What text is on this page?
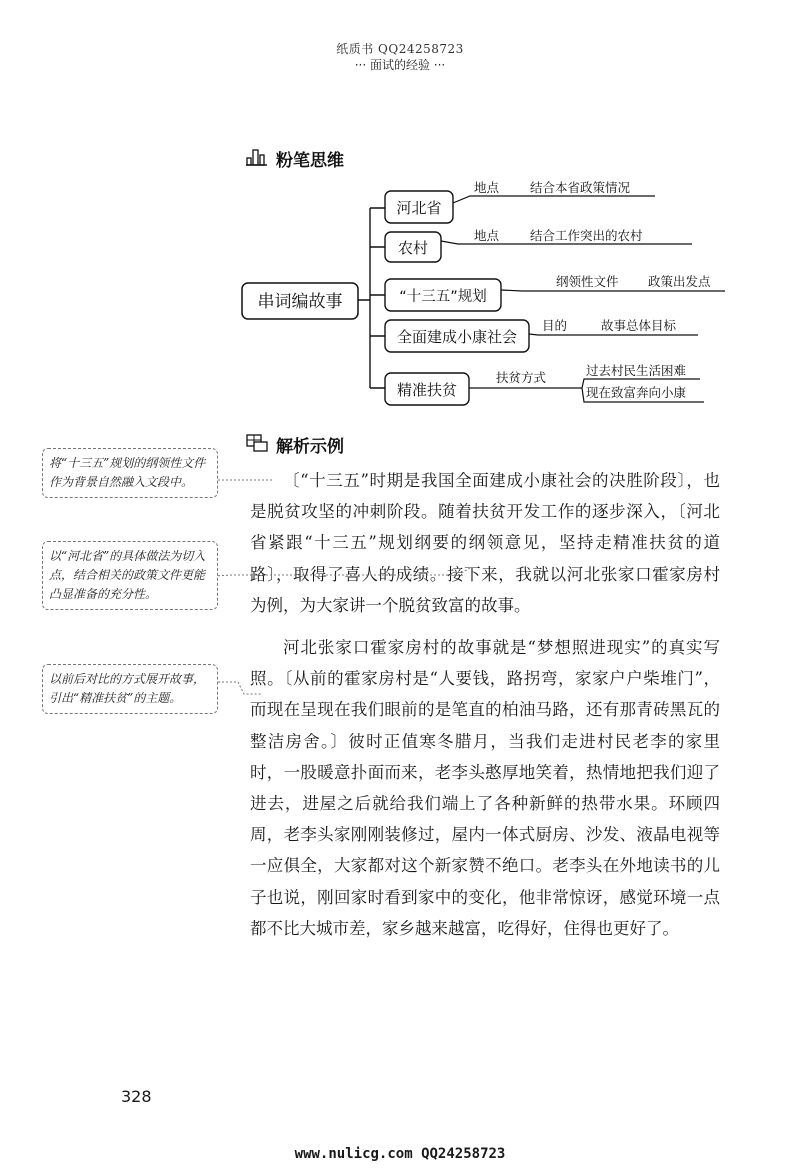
纸质书 QQ24258723
··· 面试的经验 ···
粉笔思维
串词编故事
河北省
地点 结合本省政策情况
农村
地点 结合工作突出的农村
“十三五”规划
纲领性文件 政策出发点
全面建成小康社会
目的	故事总体目标
精准扶贫
扶贫方式	过去村民生活困难
现在致富奔向小康
解析示例

〔“十三五”时期是我国全面建成小康社会的决胜阶段〕，也是脱贫攻坚的冲刺阶段。随着扶贫开发工作的逐步深入，〔河北省紧跟“十三五”规划纲要的纲领意见，坚持走精准扶贫的道路〕，取得了喜人的成绩。接下来，我就以河北张家口霍家房村为例，为大家讲一个脱贫致富的故事。

河北张家口霍家房村的故事就是“梦想照进现实”的真实写照。〔从前的霍家房村是“人要钱，路拐弯，家家户户柴堆门”，而现在呈现在我们眼前的是笔直的柏油马路，还有那青砖黑瓦的整洁房舍。〕彼时正值寒冬腊月，当我们走进村民老李的家里时，一股暖意扑面而来，老李头憨厚地笑着，热情地把我们迎了进去，进屋之后就给我们端上了各种新鲜的热带水果。环顾四周，老李头家刚刚装修过，屋内一体式厨房、沙发、液晶电视等一应俱全，大家都对这个新家赞不绝口。老李头在外地读书的儿子也说，刚回家时看到家中的变化，他非常惊讶，感觉环境一点都不比大城市差，家乡越来越富，吃得好，住得也更好了。

将“十三五”规划的纲领性文件作为背景自然融入文段中。
以“河北省”的具体做法为切入点，结合相关的政策文件更能凸显准备的充分性。
以前后对比的方式展开故事，引出“精准扶贫”的主题。
328
www.nulicg.com QQ24258723
